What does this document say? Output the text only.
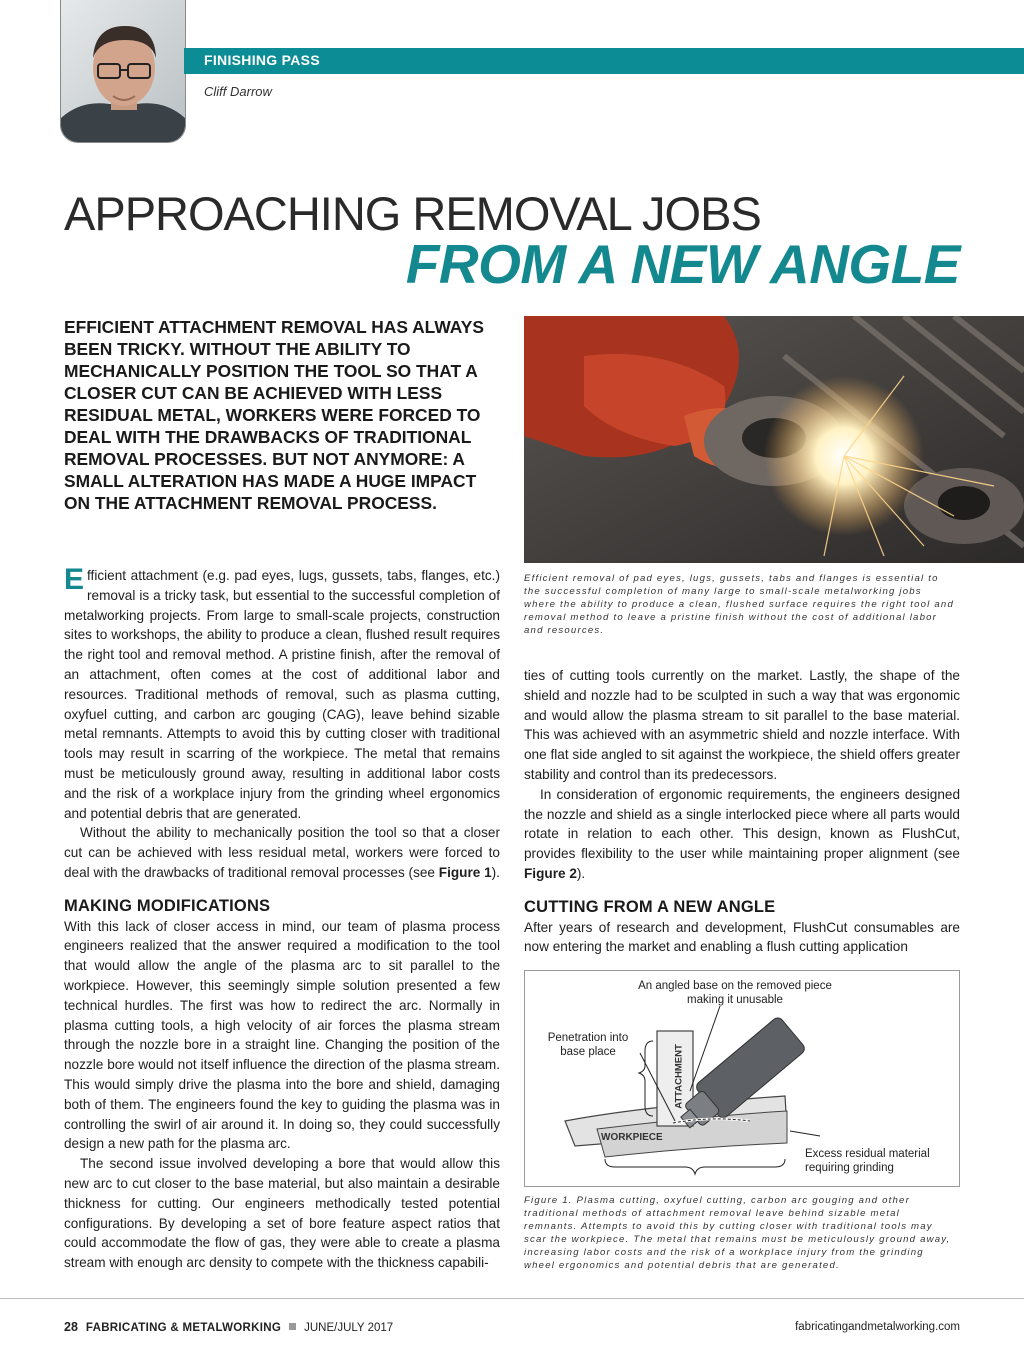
FINISHING PASS
Cliff Darrow
APPROACHING REMOVAL JOBS
FROM A NEW ANGLE
EFFICIENT ATTACHMENT REMOVAL HAS ALWAYS BEEN TRICKY. WITHOUT THE ABILITY TO MECHANICALLY POSITION THE TOOL SO THAT A CLOSER CUT CAN BE ACHIEVED WITH LESS RESIDUAL METAL, WORKERS WERE FORCED TO DEAL WITH THE DRAWBACKS OF TRADITIONAL REMOVAL PROCESSES. BUT NOT ANYMORE: A SMALL ALTERATION HAS MADE A HUGE IMPACT ON THE ATTACHMENT REMOVAL PROCESS.
Efficient removal of pad eyes, lugs, gussets, tabs and flanges is essential to the successful completion of many large to small-scale metalworking jobs where the ability to produce a clean, flushed surface requires the right tool and removal method to leave a pristine finish without the cost of additional labor and resources.

Efficient attachment (e.g. pad eyes, lugs, gussets, tabs, flanges, etc.) removal is a tricky task, but essential to the successful completion of metalworking projects. From large to small-scale projects, construction sites to workshops, the ability to produce a clean, flushed result requires the right tool and removal method. A pristine finish, after the removal of an attachment, often comes at the cost of additional labor and resources. Traditional methods of removal, such as plasma cutting, oxyfuel cutting, and carbon arc gouging (CAG), leave behind sizable metal remnants. Attempts to avoid this by cutting closer with traditional tools may result in scarring of the workpiece. The metal that remains must be meticulously ground away, resulting in additional labor costs and the risk of a workplace injury from the grinding wheel ergonomics and potential debris that are generated.

Without the ability to mechanically position the tool so that a closer cut can be achieved with less residual metal, workers were forced to deal with the drawbacks of traditional removal processes (see Figure 1).

MAKING MODIFICATIONS

With this lack of closer access in mind, our team of plasma process engineers realized that the answer required a modification to the tool that would allow the angle of the plasma arc to sit parallel to the workpiece. However, this seemingly simple solution presented a few technical hurdles. The first was how to redirect the arc. Normally in plasma cutting tools, a high velocity of air forces the plasma stream through the nozzle bore in a straight line. Changing the position of the nozzle bore would not itself influence the direction of the plasma stream. This would simply drive the plasma into the bore and shield, damaging both of them. The engineers found the key to guiding the plasma was in controlling the swirl of air around it. In doing so, they could successfully design a new path for the plasma arc.

The second issue involved developing a bore that would allow this new arc to cut closer to the base material, but also maintain a desirable thickness for cutting. Our engineers methodically tested potential configurations. By developing a set of bore feature aspect ratios that could accommodate the flow of gas, they were able to create a plasma stream with enough arc density to compete with the thickness capabili-

ties of cutting tools currently on the market. Lastly, the shape of the shield and nozzle had to be sculpted in such a way that was ergonomic and would allow the plasma stream to sit parallel to the base material. This was achieved with an asymmetric shield and nozzle interface. With one flat side angled to sit against the workpiece, the shield offers greater stability and control than its predecessors.

In consideration of ergonomic requirements, the engineers designed the nozzle and shield as a single interlocked piece where all parts would rotate in relation to each other. This design, known as FlushCut, provides flexibility to the user while maintaining proper alignment (see Figure 2).

CUTTING FROM A NEW ANGLE

After years of research and development, FlushCut consumables are now entering the market and enabling a flush cutting application

An angled base on the removed piece making it unusable
Penetration into base place	ATTACHMENT
WORKPIECE
Excess residual material requiring grinding
Figure 1. Plasma cutting, oxyfuel cutting, carbon arc gouging and other traditional methods of attachment removal leave behind sizable metal remnants. Attempts to avoid this by cutting closer with traditional tools may scar the workpiece. The metal that remains must be meticulously ground away, increasing labor costs and the risk of a workplace injury from the grinding wheel ergonomics and potential debris that are generated.
28 FABRICATING & METALWORKING JUNE/JULY 2017	fabricatingandmetalworking.com
